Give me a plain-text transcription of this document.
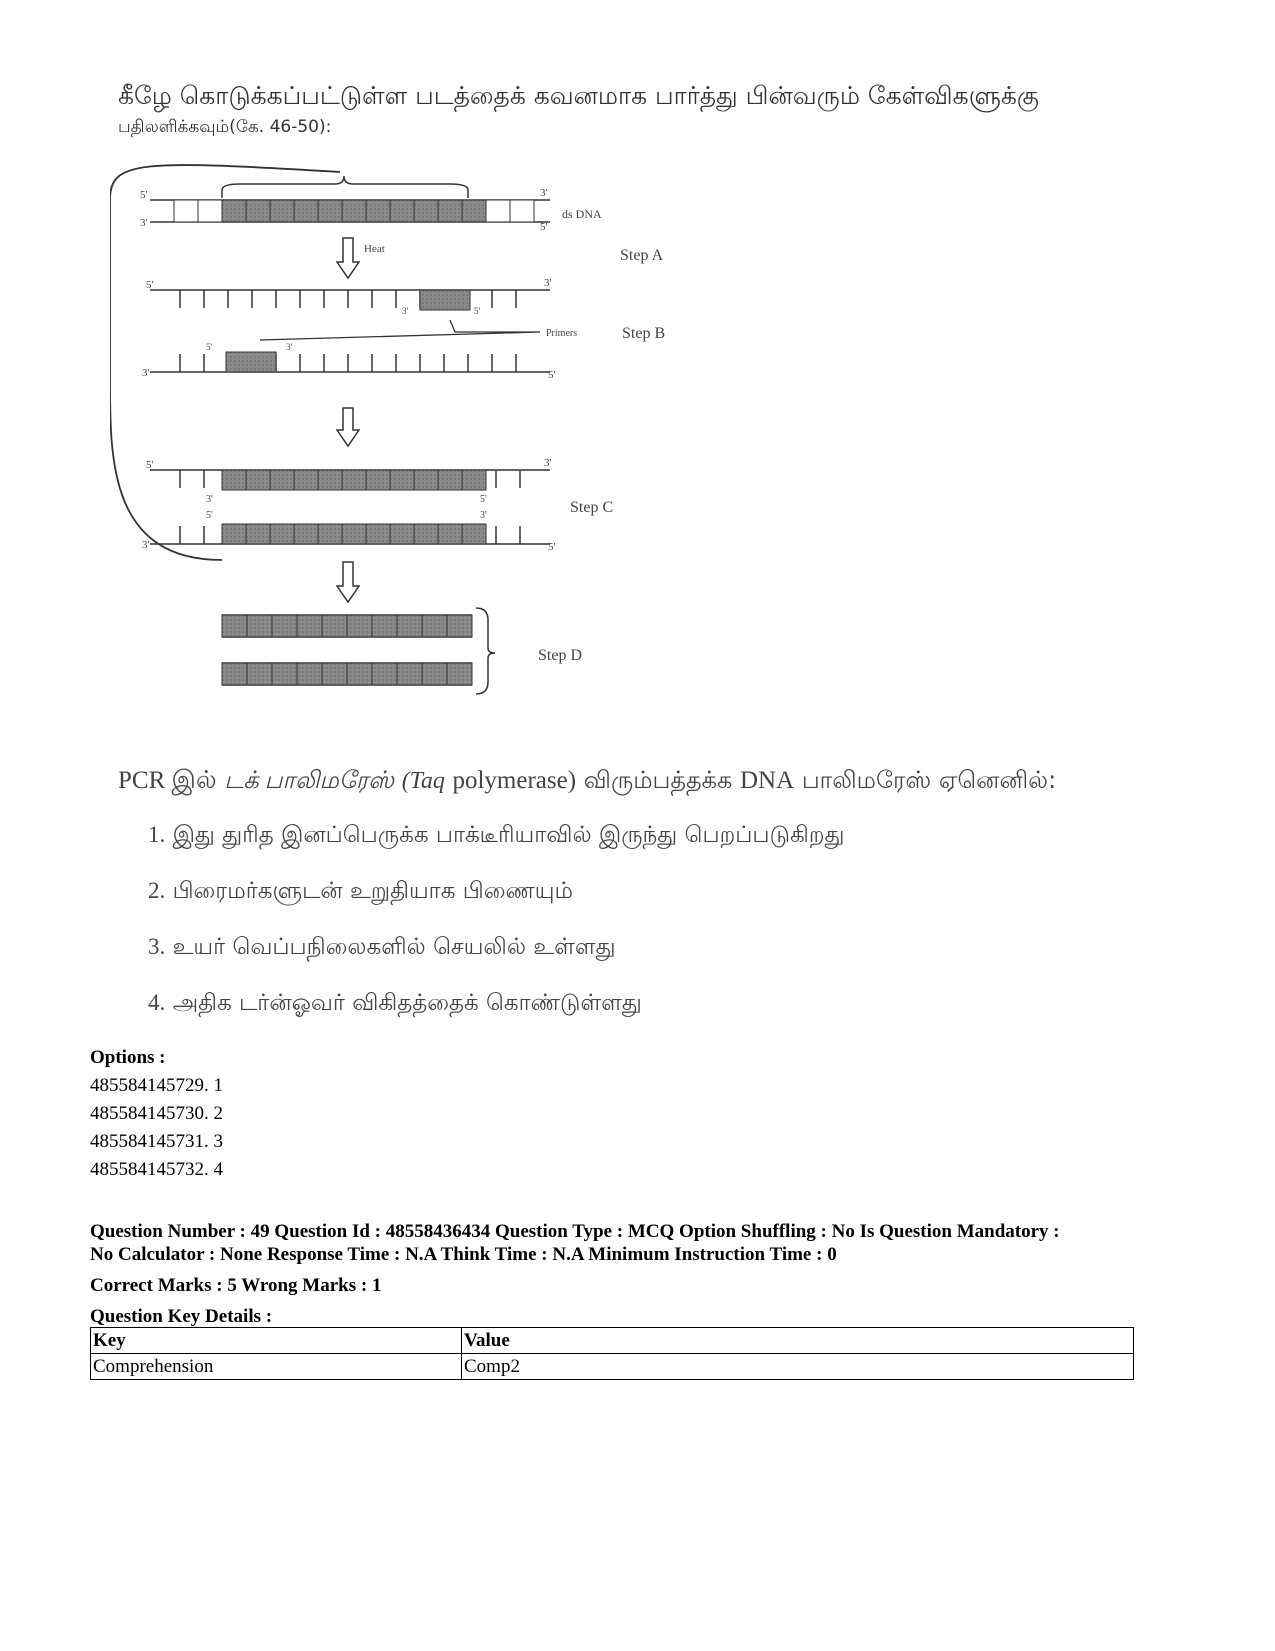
கீழே கொடுக்கப்பட்டுள்ள படத்தைக் கவனமாக பார்த்து பின்வரும் கேள்விகளுக்கு
பதிலளிக்கவும்(கே. 46-50):
5'
3'
3'
5'
ds DNA
Heat	Step A
5'	3'
3'	5'
Primers	Step B
3'	5'
5'	3'
5'	3'
3'	5'	Step C
5'	3'
3'	5'
Step D
PCR இல் டக் பாலிமரேஸ் (Taq polymerase) விரும்பத்தக்க DNA பாலிமரேஸ் ஏனெனில்:
1. இது துரித இனப்பெருக்க பாக்டீரியாவில் இருந்து பெறப்படுகிறது
2. பிரைமர்களுடன் உறுதியாக பிணையும்
3. உயர் வெப்பநிலைகளில் செயலில் உள்ளது
4. அதிக டர்ன்ஓவர் விகிதத்தைக் கொண்டுள்ளது
Options :
485584145729. 1
485584145730. 2
485584145731. 3
485584145732. 4
Question Number : 49 Question Id : 48558436434 Question Type : MCQ Option Shuffling : No Is Question Mandatory :
No Calculator : None Response Time : N.A Think Time : N.A Minimum Instruction Time : 0
Correct Marks : 5 Wrong Marks : 1
Question Key Details :
Key	Value
Comprehension	Comp2
